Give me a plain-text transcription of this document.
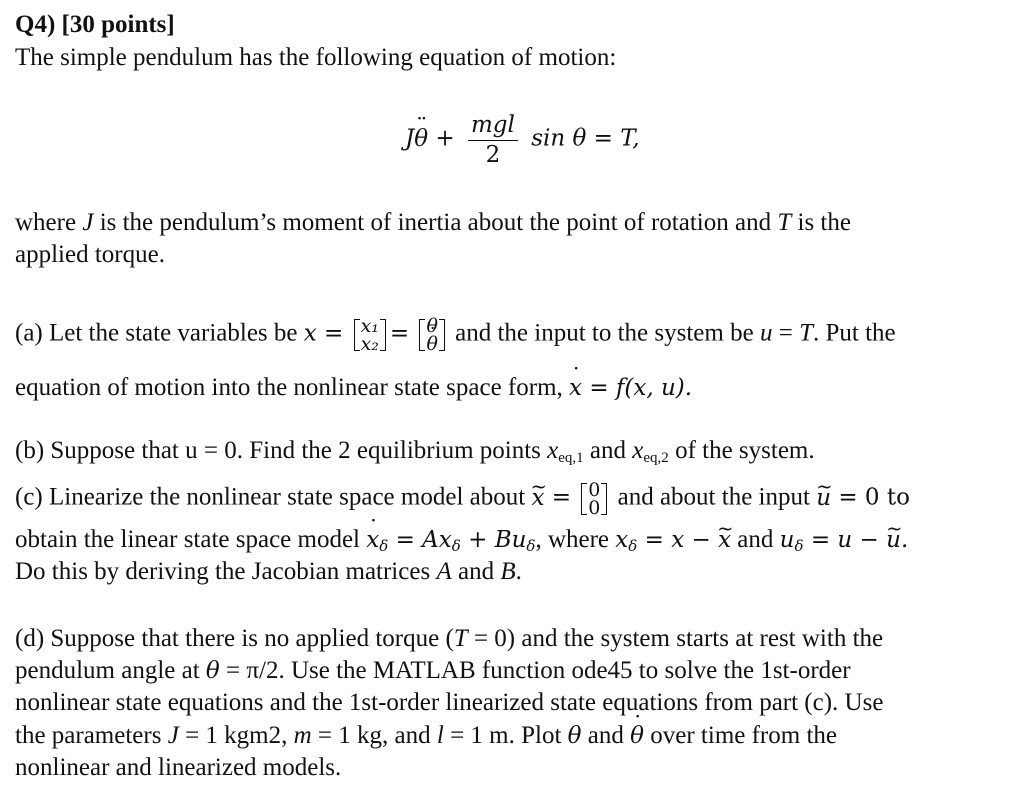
Q4) [30 points]
The simple pendulum has the following equation of motion:
Jθ ¨ + $\frac{\text{mgl}}{2}$ sin θ = T,
where J is the pendulum’s moment of inertia about the point of rotation and T is the
applied torque.
(a) Let the state variables be x = x₁
x₂ = θ
θ ˙ and the input to the system be u = T. Put the
equation of motion into the nonlinear state space form, x ˙ = f(x, u).
(b) Suppose that u = 0. Find the 2 equilibrium points $x_{eq,1}$ and $x_{eq,2}$ of the system.
(c) Linearize the nonlinear state space model about x ~ = 0
0 and about the input u ~ = 0 to
obtain the linear state space model x $˙_\delta = Ax_\delta + Bu_\delta$, where $x_\delta = x - x$ ~ and $u_\delta = u - u$ ~.
Do this by deriving the Jacobian matrices A and B.
(d) Suppose that there is no applied torque (T = 0) and the system starts at rest with the
pendulum angle at θ = π/2. Use the MATLAB function ode45 to solve the 1st-order
nonlinear state equations and the 1st-order linearized state equations from part (c). Use
the parameters J = 1 kgm2, m = 1 kg, and l = 1 m. Plot θ and θ ˙ over time from the
nonlinear and linearized models.
